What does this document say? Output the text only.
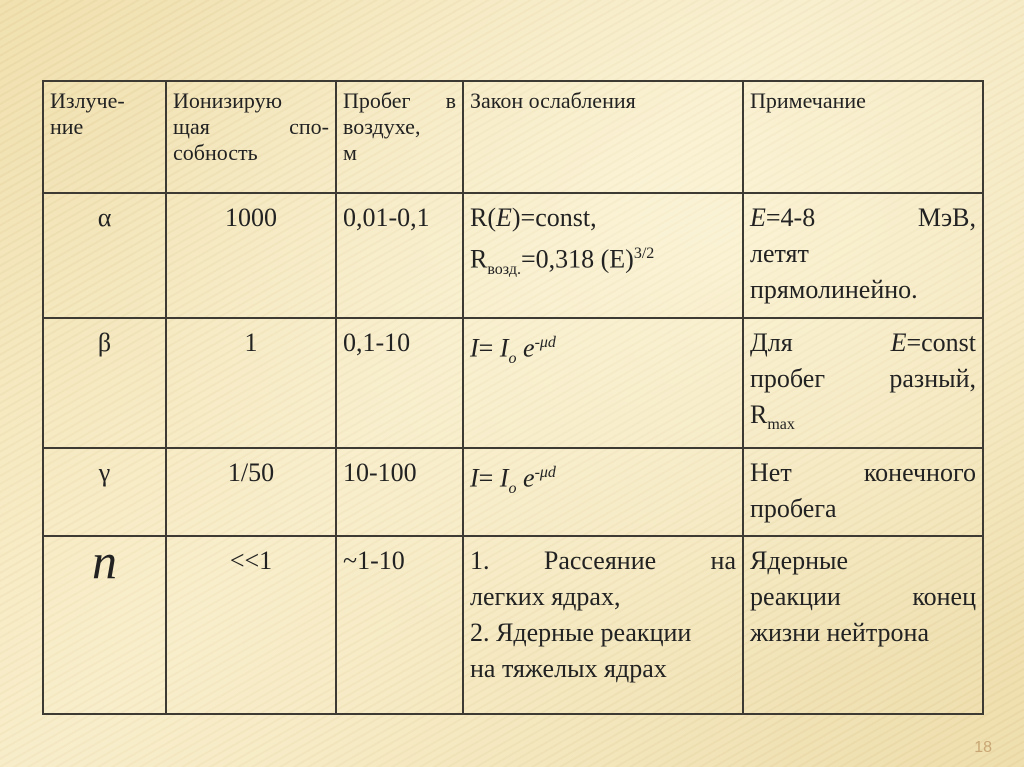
Излуче-
ние	Ионизирую
щая спо-
собность	Пробег в
воздухе,
м	Закон ослабления	Примечание
α	1000	0,01-0,1	R(E)=const,
$R_{возд.}=0,318$ $(E)^{3/2}$	E=4-8 МэВ,
летят
прямолинейно.

β	1	0,1-10	$I= I_o$ $e^{-\mu d}$	Для E=const
пробег разный,
$R_{max}$

γ	1/50	10-100	$I= I_o$ $e^{-\mu d}$	Нет конечного
пробега

n	<<1	~1-10	1. Рассеяние на
легких ядрах,
2. Ядерные реакции
на тяжелых ядрах	Ядерные
реакции конец
жизни нейтрона
18
